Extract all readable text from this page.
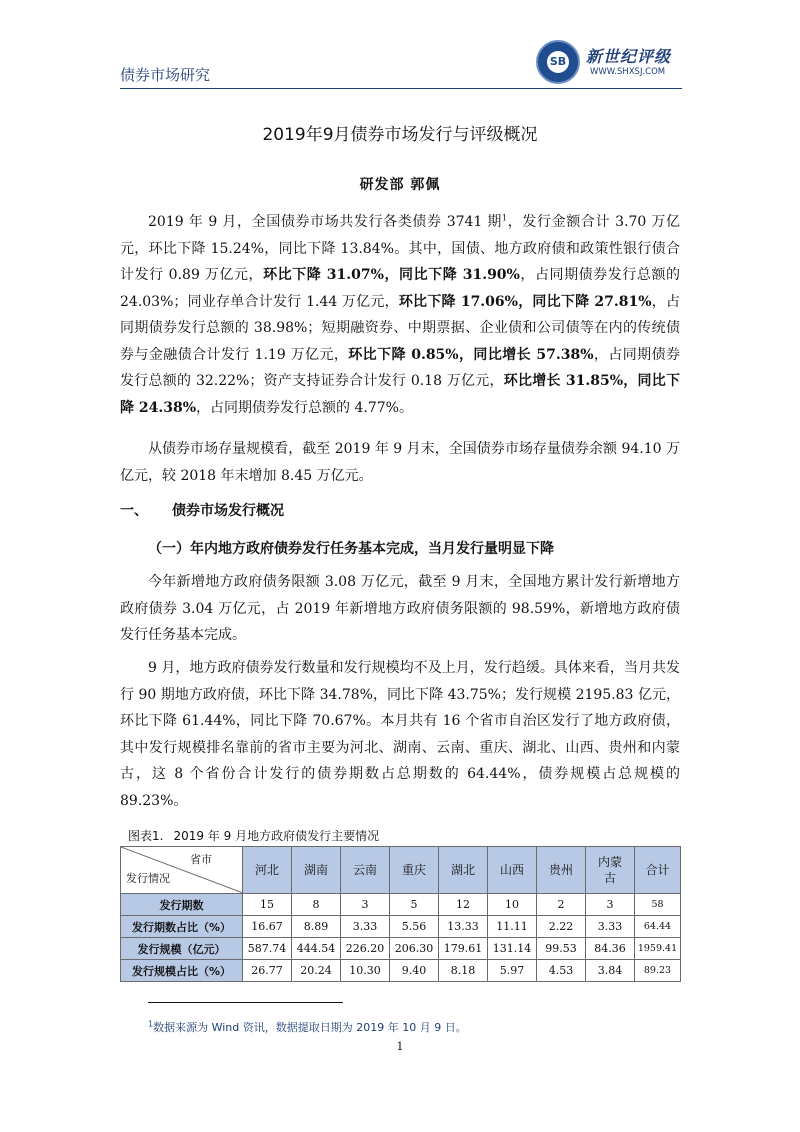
债券市场研究
SB 新世纪评级
WWW.SHXSJ.COM
2019年9月债券市场发行与评级概况
研发部 郭佩

2019 年 9 月，全国债券市场共发行各类债券 3741 期$^1$，发行金额合计 3.70 万亿元，环比下降 15.24%，同比下降 13.84%。其中，国债、地方政府债和政策性银行债合计发行 0.89 万亿元，环比下降 31.07%，同比下降 31.90%，占同期债券发行总额的 24.03%；同业存单合计发行 1.44 万亿元，环比下降 17.06%，同比下降 27.81%，占同期债券发行总额的 38.98%；短期融资券、中期票据、企业债和公司债等在内的传统债券与金融债合计发行 1.19 万亿元，环比下降 0.85%，同比增长 57.38%，占同期债券发行总额的 32.22%；资产支持证券合计发行 0.18 万亿元，环比增长 31.85%，同比下降 24.38%，占同期债券发行总额的 4.77%。

从债券市场存量规模看，截至 2019 年 9 月末，全国债券市场存量债券余额 94.10 万亿元，较 2018 年末增加 8.45 万亿元。

一、 债券市场发行概况
（一）年内地方政府债券发行任务基本完成，当月发行量明显下降

今年新增地方政府债务限额 3.08 万亿元，截至 9 月末，全国地方累计发行新增地方政府债券 3.04 万亿元，占 2019 年新增地方政府债务限额的 98.59%，新增地方政府债发行任务基本完成。

9 月，地方政府债券发行数量和发行规模均不及上月，发行趋缓。具体来看，当月共发行 90 期地方政府债，环比下降 34.78%，同比下降 43.75%；发行规模 2195.83 亿元，环比下降 61.44%，同比下降 70.67%。本月共有 16 个省市自治区发行了地方政府债，其中发行规模排名靠前的省市主要为河北、湖南、云南、重庆、湖北、山西、贵州和内蒙古，这 8 个省份合计发行的债券期数占总期数的 64.44%，债券规模占总规模的 89.23%。

图表1. 2019 年 9 月地方政府债发行主要情况
省市
发行情况	河北	湖南	云南	重庆	湖北	山西	贵州	内蒙古	合计
发行期数	15	8	3	5	12	10	2	3	58
发行期数占比（%）	16.67	8.89	3.33	5.56	13.33	11.11	2.22	3.33	64.44
发行规模（亿元）	587.74	444.54	226.20	206.30	179.61	131.14	99.53	84.36	1959.41
发行规模占比（%）	26.77	20.24	10.30	9.40	8.18	5.97	4.53	3.84	89.23
$^1$数据来源为 Wind 资讯，数据提取日期为 2019 年 10 月 9 日。
1
